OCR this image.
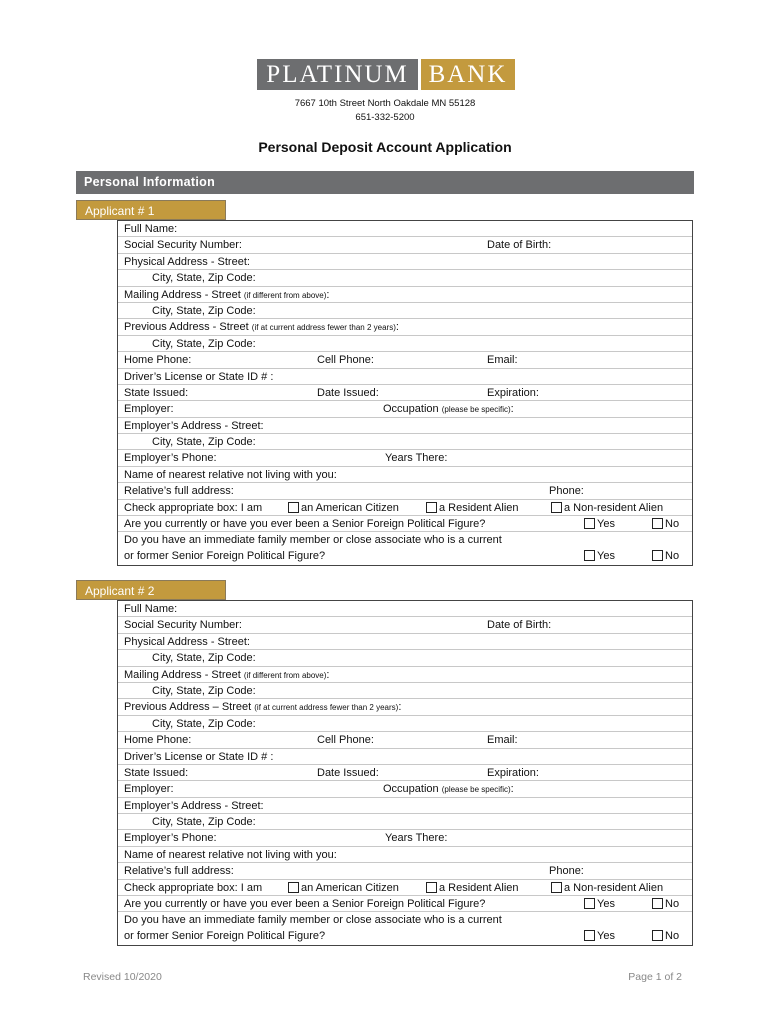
PLATINUM BANK
7667 10th Street North Oakdale MN 55128
651-332-5200
Personal Deposit Account Application
Personal Information
Applicant # 1
Full Name:
Social Security Number:	Date of Birth:
Physical Address - Street:
City, State, Zip Code:
Mailing Address - Street (if different from above):
City, State, Zip Code:
Previous Address - Street (if at current address fewer than 2 years):
City, State, Zip Code:
Home Phone:	Cell Phone:	Email:
Driver’s License or State ID # :
State Issued:	Date Issued:	Expiration:
Employer:	Occupation (please be specific):
Employer’s Address - Street:
City, State, Zip Code:
Employer’s Phone:	Years There:
Name of nearest relative not living with you:
Relative’s full address:	Phone:
Check appropriate box: I am	an American Citizen	a Resident Alien	a Non-resident Alien
Are you currently or have you ever been a Senior Foreign Political Figure?	Yes	No
Do you have an immediate family member or close associate who is a current
or former Senior Foreign Political Figure?	Yes	No
Applicant # 2
Full Name:
Social Security Number:	Date of Birth:
Physical Address - Street:
City, State, Zip Code:
Mailing Address - Street (if different from above):
City, State, Zip Code:
Previous Address – Street (if at current address fewer than 2 years):
City, State, Zip Code:
Home Phone:	Cell Phone:	Email:
Driver’s License or State ID # :
State Issued:	Date Issued:	Expiration:
Employer:	Occupation (please be specific):
Employer’s Address - Street:
City, State, Zip Code:
Employer’s Phone:	Years There:
Name of nearest relative not living with you:
Relative’s full address:	Phone:
Check appropriate box: I am	an American Citizen	a Resident Alien	a Non-resident Alien
Are you currently or have you ever been a Senior Foreign Political Figure?	Yes	No
Do you have an immediate family member or close associate who is a current
or former Senior Foreign Political Figure?	Yes	No
Revised 10/2020	Page 1 of 2
